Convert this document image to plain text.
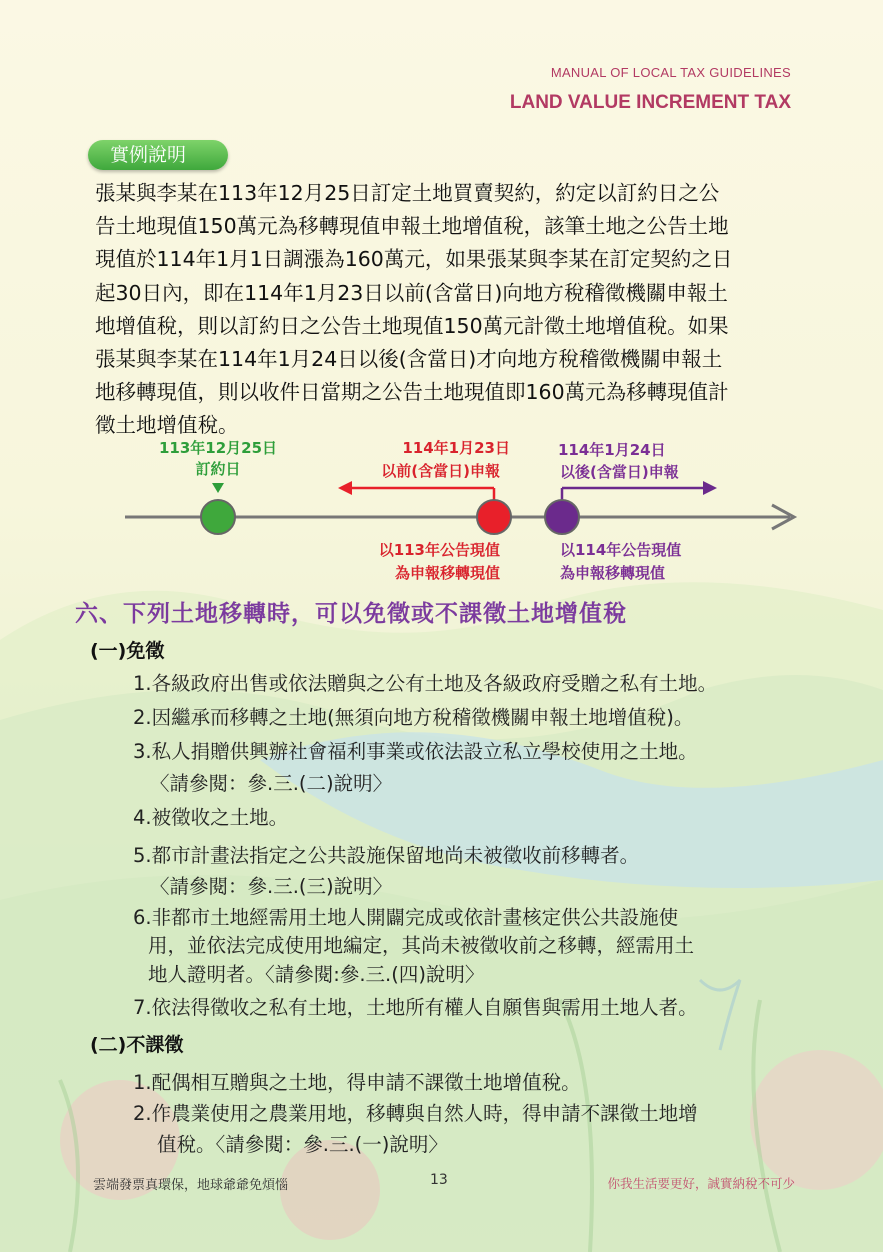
MANUAL OF LOCAL TAX GUIDELINES
LAND VALUE INCREMENT TAX
實例說明
張某與李某在113年12月25日訂定土地買賣契約，約定以訂約日之公
告土地現值150萬元為移轉現值申報土地增值稅，該筆土地之公告土地
現值於114年1月1日調漲為160萬元，如果張某與李某在訂定契約之日
起30日內，即在114年1月23日以前(含當日)向地方稅稽徵機關申報土
地增值稅，則以訂約日之公告土地現值150萬元計徵土地增值稅。如果
張某與李某在114年1月24日以後(含當日)才向地方稅稽徵機關申報土
地移轉現值，則以收件日當期之公告土地現值即160萬元為移轉現值計
徵土地增值稅。
113年12月25日
訂約日
114年1月23日
以前(含當日)申報
114年1月24日
以後(含當日)申報
以113年公告現值
為申報移轉現值
以114年公告現值
為申報移轉現值
六、下列土地移轉時，可以免徵或不課徵土地增值稅
(一)免徵
1.各級政府出售或依法贈與之公有土地及各級政府受贈之私有土地。
2.因繼承而移轉之土地(無須向地方稅稽徵機關申報土地增值稅)。
3.私人捐贈供興辦社會福利事業或依法設立私立學校使用之土地。
〈請參閱：參.三.(二)說明〉
4.被徵收之土地。
5.都市計畫法指定之公共設施保留地尚未被徵收前移轉者。
〈請參閱：參.三.(三)說明〉
6.非都市土地經需用土地人開闢完成或依計畫核定供公共設施使
用，並依法完成使用地編定，其尚未被徵收前之移轉，經需用土
地人證明者。〈請參閱:參.三.(四)說明〉
7.依法得徵收之私有土地，土地所有權人自願售與需用土地人者。
(二)不課徵
1.配偶相互贈與之土地，得申請不課徵土地增值稅。
2.作農業使用之農業用地，移轉與自然人時，得申請不課徵土地增
值稅。〈請參閱：參.三.(一)說明〉
雲端發票真環保，地球爺爺免煩惱	13	你我生活要更好，誠實納稅不可少
